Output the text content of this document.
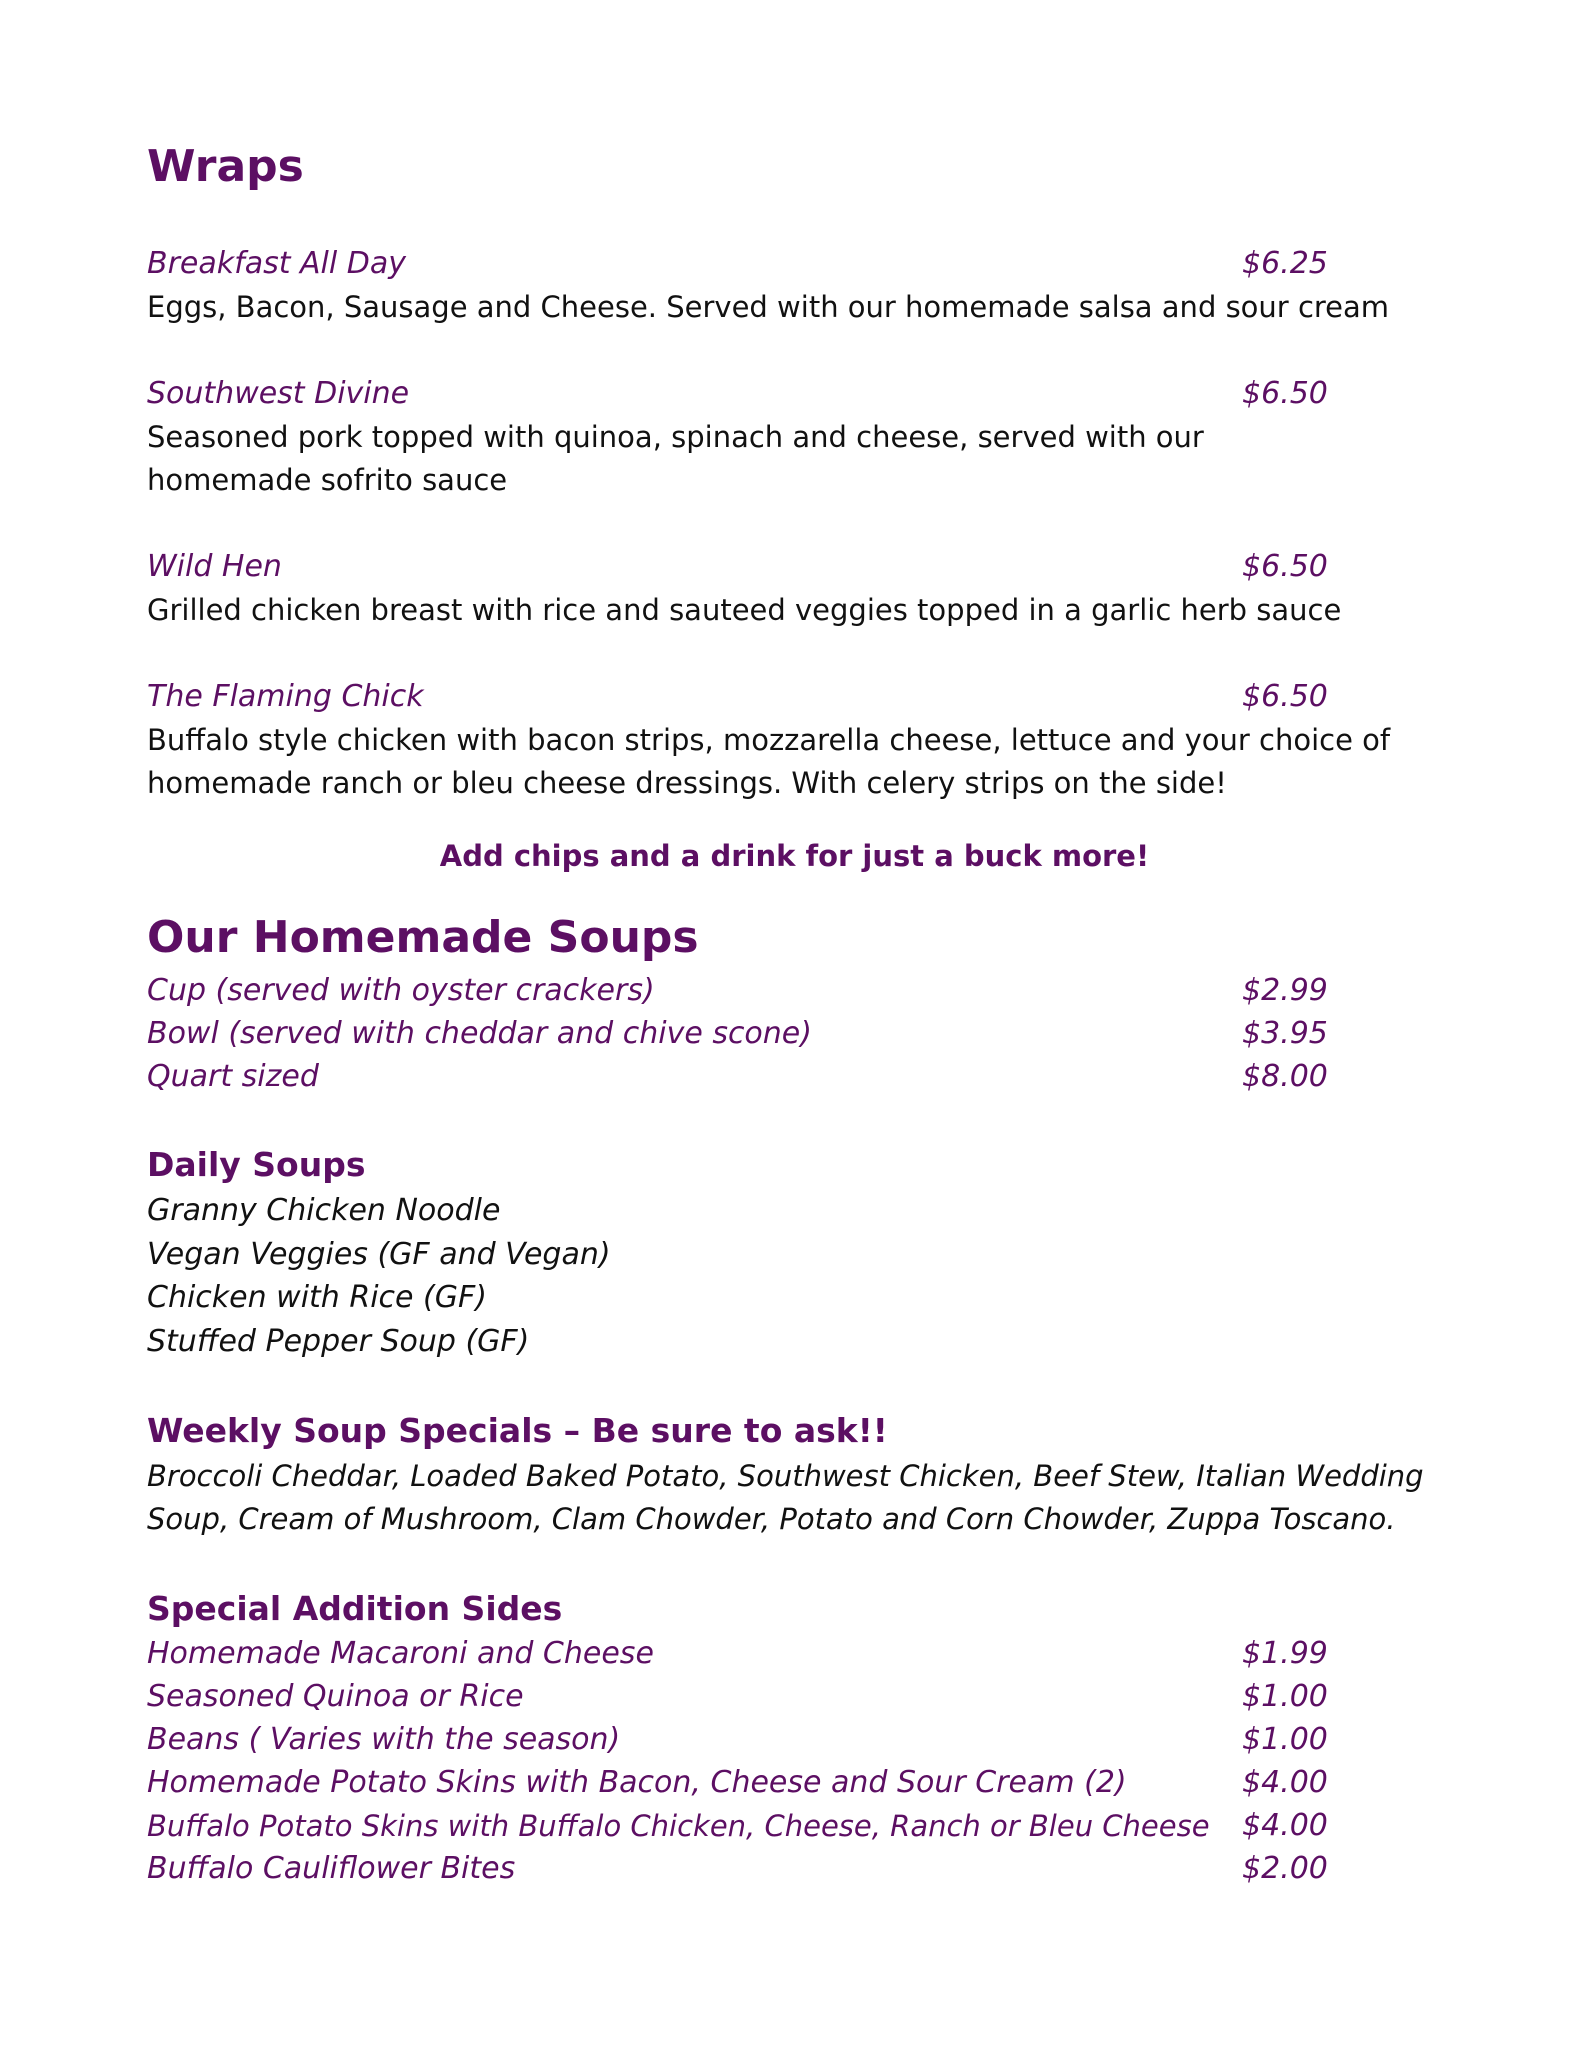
Wraps
Breakfast All Day	$6.25

Eggs, Bacon, Sausage and Cheese. Served with our homemade salsa and sour cream

Southwest Divine	$6.50

Seasoned pork topped with quinoa, spinach and cheese, served with our homemade sofrito sauce

Wild Hen	$6.50

Grilled chicken breast with rice and sauteed veggies topped in a garlic herb sauce

The Flaming Chick	$6.50

Buffalo style chicken with bacon strips, mozzarella cheese, lettuce and your choice of homemade ranch or bleu cheese dressings. With celery strips on the side!

Add chips and a drink for just a buck more!

Our Homemade Soups
Cup (served with oyster crackers)	$2.99
Bowl (served with cheddar and chive scone)	$3.95
Quart sized	$8.00
Daily Soups
Granny Chicken Noodle
Vegan Veggies (GF and Vegan)
Chicken with Rice (GF)
Stuffed Pepper Soup (GF)
Weekly Soup Specials – Be sure to ask!!

Broccoli Cheddar, Loaded Baked Potato, Southwest Chicken, Beef Stew, Italian Wedding Soup, Cream of Mushroom, Clam Chowder, Potato and Corn Chowder, Zuppa Toscano.

Special Addition Sides
Homemade Macaroni and Cheese	$1.99
Seasoned Quinoa or Rice	$1.00
Beans ( Varies with the season)	$1.00
Homemade Potato Skins with Bacon, Cheese and Sour Cream (2)	$4.00
Buffalo Potato Skins with Buffalo Chicken, Cheese, Ranch or Bleu Cheese $4.00
Buffalo Cauliflower Bites	$2.00
